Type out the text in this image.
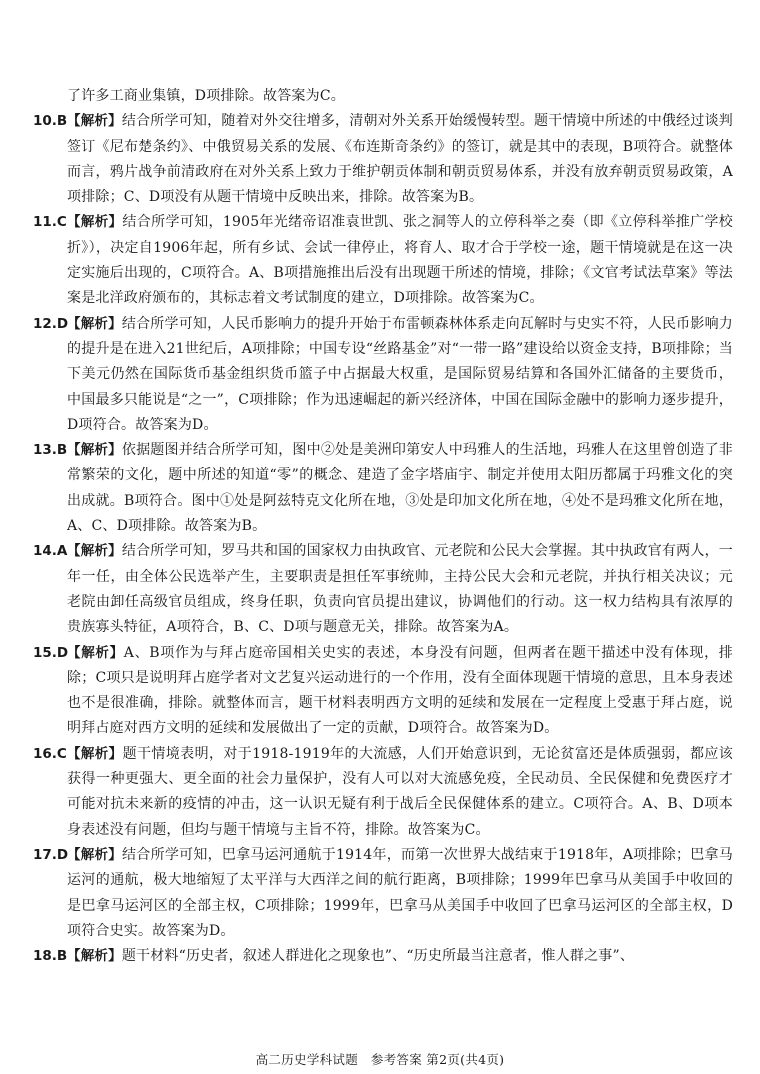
了许多工商业集镇，D项排除。故答案为C。

10.B 【解析】结合所学可知，随着对外交往增多，清朝对外关系开始缓慢转型。题干情境中所述的中俄经过谈判签订《尼布楚条约》、中俄贸易关系的发展、《布连斯奇条约》的签订，就是其中的表现，B项符合。就整体而言，鸦片战争前清政府在对外关系上致力于维护朝贡体制和朝贡贸易体系，并没有放弃朝贡贸易政策，A项排除；C、D项没有从题干情境中反映出来，排除。故答案为B。

11.C 【解析】结合所学可知，1905年光绪帝诏准袁世凯、张之洞等人的立停科举之奏（即《立停科举推广学校折》），决定自1906年起，所有乡试、会试一律停止，将育人、取才合于学校一途，题干情境就是在这一决定实施后出现的，C项符合。A、B项措施推出后没有出现题干所述的情境，排除；《文官考试法草案》等法案是北洋政府颁布的，其标志着文考试制度的建立，D项排除。故答案为C。

12.D
【解析】结合所学可知，人民币影响力的提升开始于布雷顿森林体系走向瓦解时与史实不符，人民币影响力的提升是在进入21世纪后，A项排除；中国专设“丝路基金”对“一带一路”建设给以资金支持，B项排除；当下美元仍然在国际货币基金组织货币篮子中占据最大权重，是国际贸易结算和各国外汇储备的主要货币，中国最多只能说是“之一”，C项排除；作为迅速崛起的新兴经济体，中国在国际金融中的影响力逐步提升，D项符合。故答案为D。

13.B 【解析】依据题图并结合所学可知，图中②处是美洲印第安人中玛雅人的生活地，玛雅人在这里曾创造了非常繁荣的文化，题中所述的知道“零”的概念、建造了金字塔庙宇、制定并使用太阳历都属于玛雅文化的突出成就。B项符合。图中①处是阿兹特克文化所在地，③处是印加文化所在地，④处不是玛雅文化所在地，A、C、D项排除。故答案为B。

14.A 【解析】结合所学可知，罗马共和国的国家权力由执政官、元老院和公民大会掌握。其中执政官有两人，一年一任，由全体公民选举产生，主要职责是担任军事统帅，主持公民大会和元老院，并执行相关决议；元老院由卸任高级官员组成，终身任职，负责向官员提出建议，协调他们的行动。这一权力结构具有浓厚的贵族寡头特征，A项符合，B、C、D项与题意无关，排除。故答案为A。

15.D
【解析】A、B项作为与拜占庭帝国相关史实的表述，本身没有问题，但两者在题干描述中没有体现，排除；C项只是说明拜占庭学者对文艺复兴运动进行的一个作用，没有全面体现题干情境的意思，且本身表述也不是很准确，排除。就整体而言，题干材料表明西方文明的延续和发展在一定程度上受惠于拜占庭，说明拜占庭对西方文明的延续和发展做出了一定的贡献，D项符合。故答案为D。

16.C 【解析】题干情境表明，对于1918-1919年的大流感，人们开始意识到，无论贫富还是体质强弱，都应该获得一种更强大、更全面的社会力量保护，没有人可以对大流感免疫，全民动员、全民保健和免费医疗才可能对抗未来新的疫情的冲击，这一认识无疑有利于战后全民保健体系的建立。C项符合。A、B、D项本身表述没有问题，但均与题干情境与主旨不符，排除。故答案为C。

17.D
【解析】结合所学可知，巴拿马运河通航于1914年，而第一次世界大战结束于1918年，A项排除；巴拿马运河的通航，极大地缩短了太平洋与大西洋之间的航行距离，B项排除；1999年巴拿马从美国手中收回的是巴拿马运河区的全部主权，C项排除；1999年，巴拿马从美国手中收回了巴拿马运河区的全部主权，D项符合史实。故答案为D。

18.B 【解析】题干材料“历史者，叙述人群进化之现象也”、“历史所最当注意者，惟人群之事”、

高二历史学科试题　参考答案 第2页(共4页)
